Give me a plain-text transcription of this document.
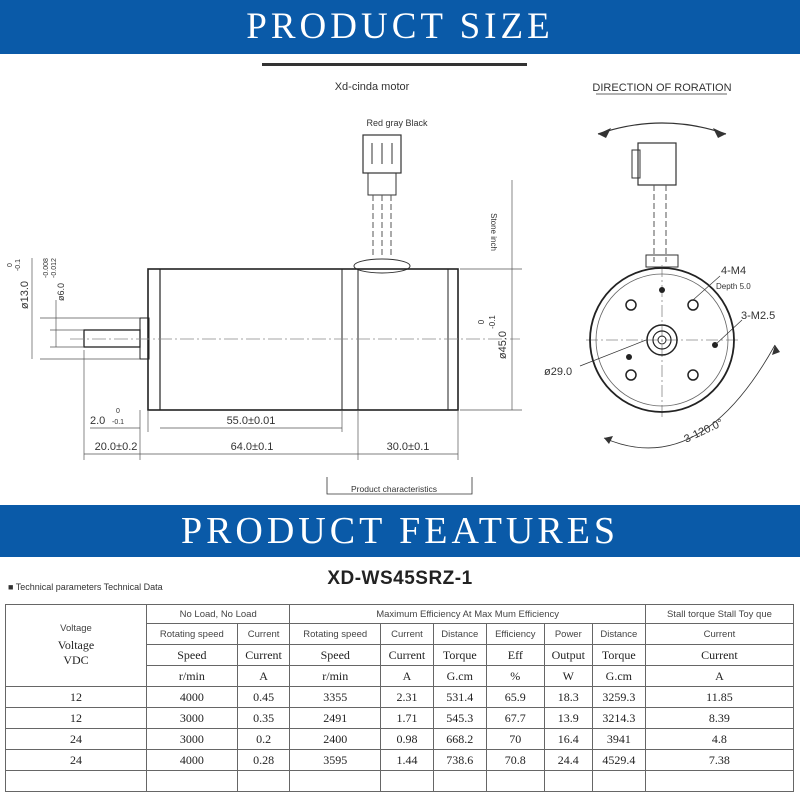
PRODUCT SIZE
Xd-cinda motor
Red gray Black
Stone inch
ø13.0
0 -0.1
ø6.0
-0.008 -0.012
ø45.0
0 -0.1
2.0
0
-0.1	55.0±0.01
20.0±0.2	64.0±0.1	30.0±0.1
Product characteristics
DIRECTION OF RORATION
4-M4
Depth 5.0
3-M2.5
ø29.0
3-120.0°
PRODUCT FEATURES
■ Technical parameters Technical Data	XD-WS45SRZ-1
Voltage
Voltage
VDC	No Load, No Load		Maximum Efficiency At Max Mum Efficiency						Stall torque Stall Toy que
	Rotating speed	Current	Rotating speed	Current	Distance	Efficiency	Power	Distance	Current
	Speed	Current	Speed	Current	Torque	Eff	Output	Torque	Current
	r/min	A	r/min	A	G.cm	%	W	G.cm	A
12	4000	0.45	3355	2.31	531.4	65.9	18.3	3259.3	11.85
12	3000	0.35	2491	1.71	545.3	67.7	13.9	3214.3	8.39
24	3000	0.2	2400	0.98	668.2	70	16.4	3941	4.8
24	4000	0.28	3595	1.44	738.6	70.8	24.4	4529.4	7.38
